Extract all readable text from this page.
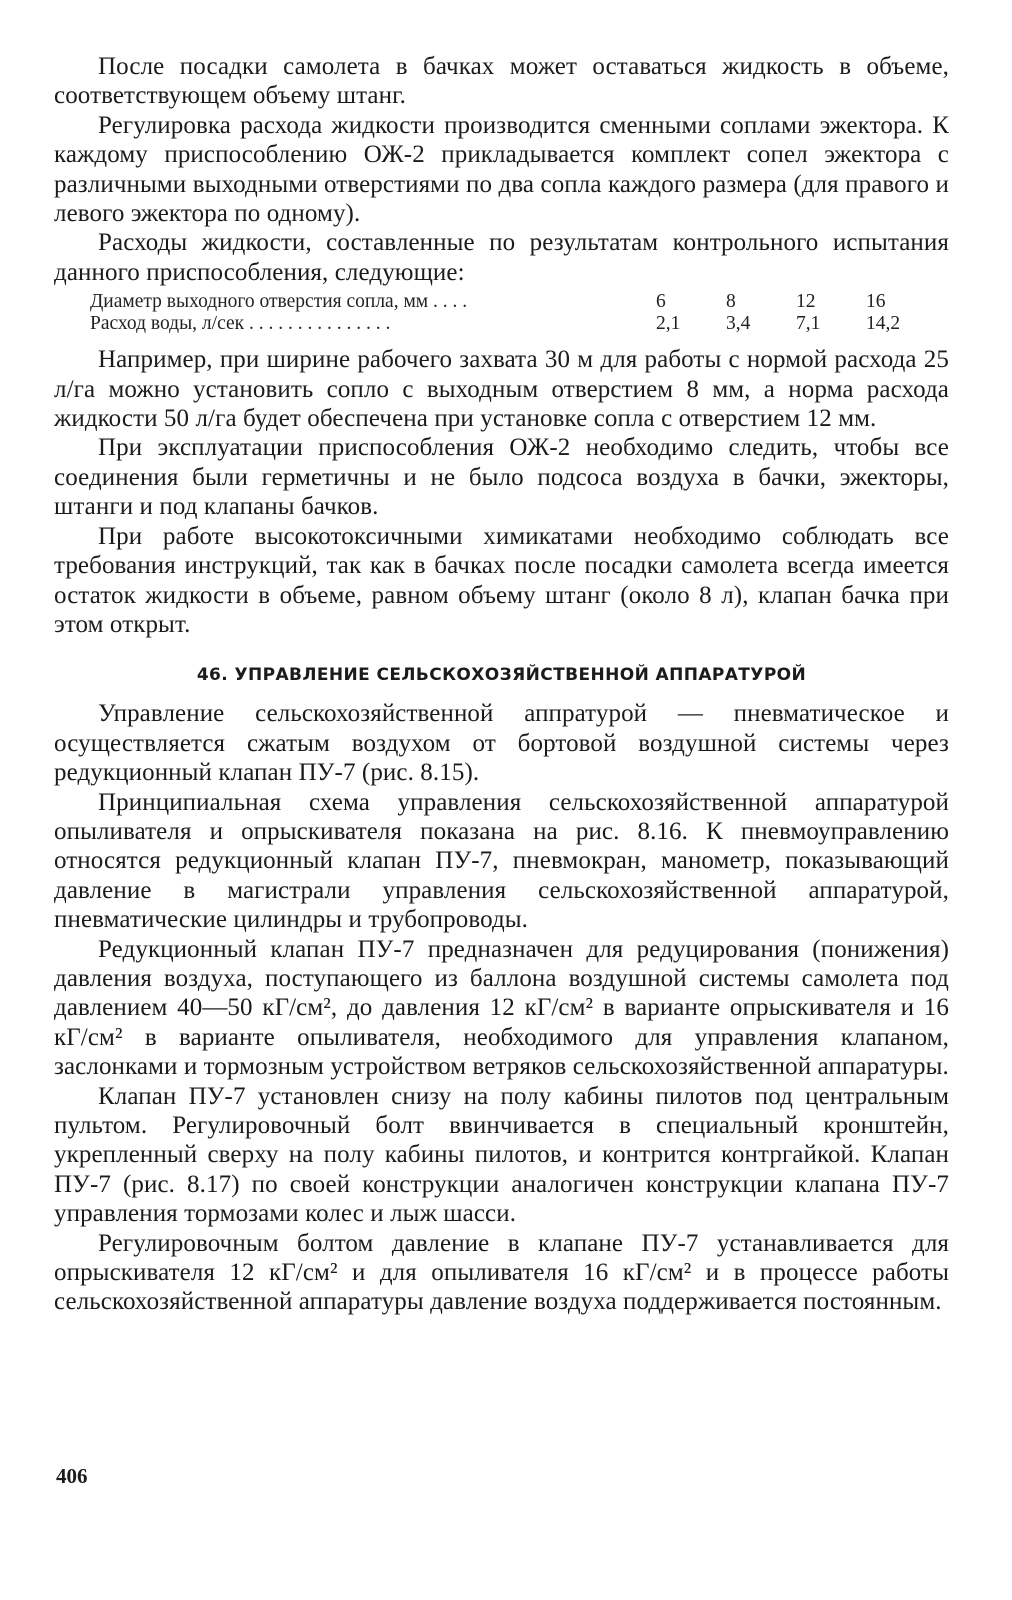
После посадки самолета в бачках может оставаться жидкость в объеме, соответствующем объему штанг.

Регулировка расхода жидкости производится сменными соплами эжектора. К каждому приспособлению ОЖ-2 прикладывается комплект сопел эжектора с различными выходными отверстиями по два сопла каждого размера (для правого и левого эжектора по одному).

Расходы жидкости, составленные по результатам контрольного испытания данного приспособления, следующие:

Диаметр выходного отверстия сопла, мм . . . .	6	8	12	16
Расход воды, л/сек . . . . . . . . . . . . . . .	2,1	3,4	7,1	14,2

Например, при ширине рабочего захвата 30 м для работы с нормой расхода 25 л/га можно установить сопло с выходным отверстием 8 мм, а норма расхода жидкости 50 л/га будет обеспечена при установке сопла с отверстием 12 мм.

При эксплуатации приспособления ОЖ-2 необходимо следить, чтобы все соединения были герметичны и не было подсоса воздуха в бачки, эжекторы, штанги и под клапаны бачков.

При работе высокотоксичными химикатами необходимо соблюдать все требования инструкций, так как в бачках после посадки самолета всегда имеется остаток жидкости в объеме, равном объему штанг (около 8 л), клапан бачка при этом открыт.

46. УПРАВЛЕНИЕ СЕЛЬСКОХОЗЯЙСТВЕННОЙ АППАРАТУРОЙ

Управление сельскохозяйственной аппратурой — пневматическое и осуществляется сжатым воздухом от бортовой воздушной системы через редукционный клапан ПУ-7 (рис. 8.15).

Принципиальная схема управления сельскохозяйственной аппаратурой опыливателя и опрыскивателя показана на рис. 8.16. К пневмоуправлению относятся редукционный клапан ПУ-7, пневмокран, манометр, показывающий давление в магистрали управления сельскохозяйственной аппаратурой, пневматические цилиндры и трубопроводы.

Редукционный клапан ПУ-7 предназначен для редуцирования (понижения) давления воздуха, поступающего из баллона воздушной системы самолета под давлением 40—50 кГ/см², до давления 12 кГ/см² в варианте опрыскивателя и 16 кГ/см² в варианте опыливателя, необходимого для управления клапаном, заслонками и тормозным устройством ветряков сельскохозяйственной аппаратуры.

Клапан ПУ-7 установлен снизу на полу кабины пилотов под центральным пультом. Регулировочный болт ввинчивается в специальный кронштейн, укрепленный сверху на полу кабины пилотов, и контрится контргайкой. Клапан ПУ-7 (рис. 8.17) по своей конструкции аналогичен конструкции клапана ПУ-7 управления тормозами колес и лыж шасси.

Регулировочным болтом давление в клапане ПУ-7 устанавливается для опрыскивателя 12 кГ/см² и для опыливателя 16 кГ/см² и в процессе работы сельскохозяйственной аппаратуры давление воздуха поддерживается постоянным.

406
